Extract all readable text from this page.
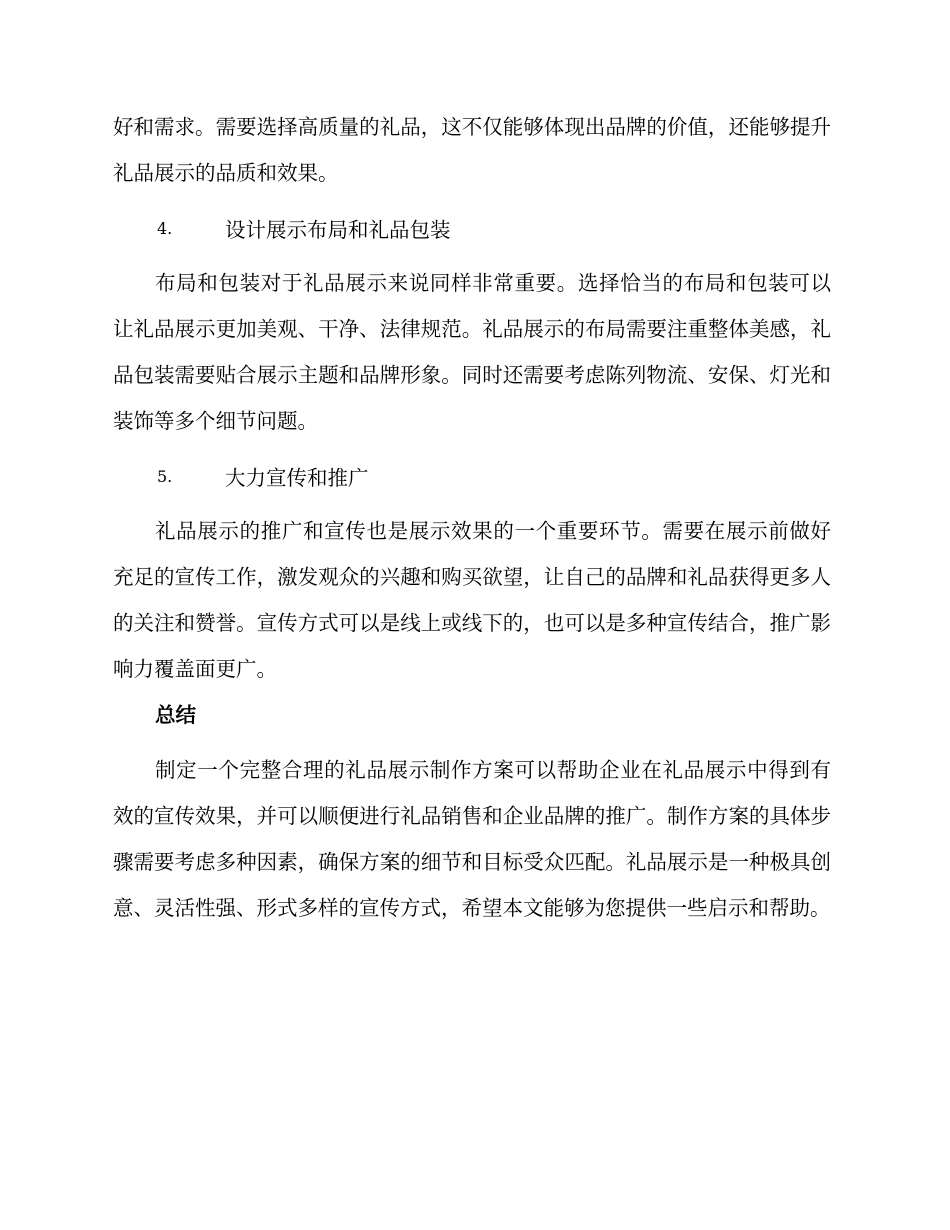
好和需求。需要选择高质量的礼品，这不仅能够体现出品牌的价值，还能够提升礼品展示的品质和效果。

4.	设计展示布局和礼品包装

布局和包装对于礼品展示来说同样非常重要。选择恰当的布局和包装可以让礼品展示更加美观、干净、法律规范。礼品展示的布局需要注重整体美感，礼品包装需要贴合展示主题和品牌形象。同时还需要考虑陈列物流、安保、灯光和装饰等多个细节问题。

5.	大力宣传和推广

礼品展示的推广和宣传也是展示效果的一个重要环节。需要在展示前做好充足的宣传工作，激发观众的兴趣和购买欲望，让自己的品牌和礼品获得更多人的关注和赞誉。宣传方式可以是线上或线下的，也可以是多种宣传结合，推广影响力覆盖面更广。

总结

制定一个完整合理的礼品展示制作方案可以帮助企业在礼品展示中得到有效的宣传效果，并可以顺便进行礼品销售和企业品牌的推广。制作方案的具体步骤需要考虑多种因素，确保方案的细节和目标受众匹配。礼品展示是一种极具创意、灵活性强、形式多样的宣传方式，希望本文能够为您提供一些启示和帮助。
